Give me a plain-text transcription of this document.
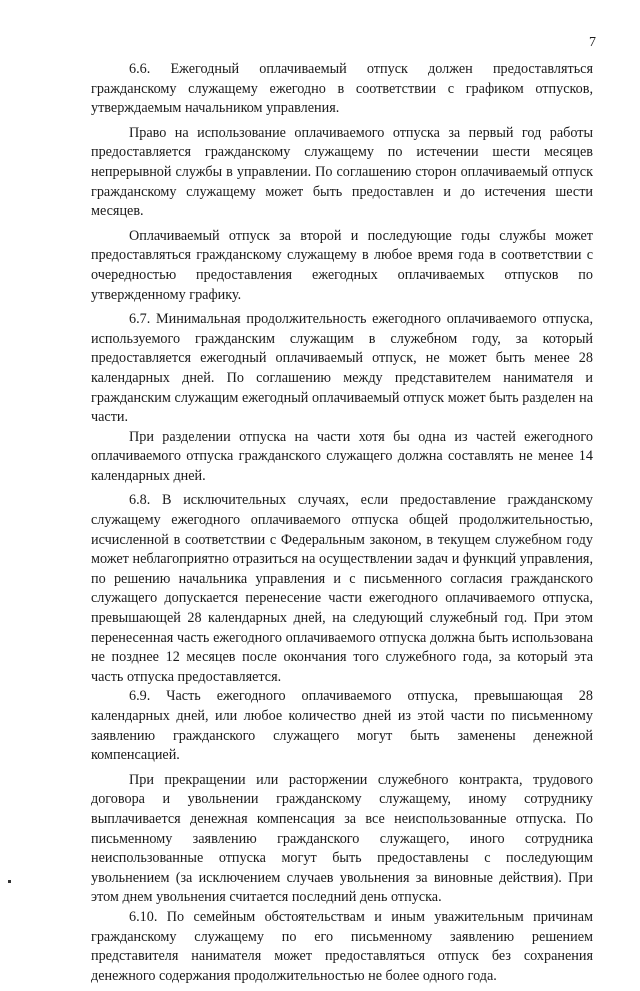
7

6.6. Ежегодный оплачиваемый отпуск должен предоставляться гражданскому служащему ежегодно в соответствии с графиком отпусков, утверждаемым начальником управления.

Право на использование оплачиваемого отпуска за первый год работы предоставляется гражданскому служащему по истечении шести месяцев непрерывной службы в управлении. По соглашению сторон оплачиваемый отпуск гражданскому служащему может быть предоставлен и до истечения шести месяцев.

Оплачиваемый отпуск за второй и последующие годы службы может предоставляться гражданскому служащему в любое время года в соответствии с очередностью предоставления ежегодных оплачиваемых отпусков по утвержденному графику.

6.7. Минимальная продолжительность ежегодного оплачиваемого отпуска, используемого гражданским служащим в служебном году, за который предоставляется ежегодный оплачиваемый отпуск, не может быть менее 28 календарных дней. По соглашению между представителем нанимателя и гражданским служащим ежегодный оплачиваемый отпуск может быть разделен на части.

При разделении отпуска на части хотя бы одна из частей ежегодного оплачиваемого отпуска гражданского служащего должна составлять не менее 14 календарных дней.

6.8. В исключительных случаях, если предоставление гражданскому служащему ежегодного оплачиваемого отпуска общей продолжительностью, исчисленной в соответствии с Федеральным законом, в текущем служебном году может неблагоприятно отразиться на осуществлении задач и функций управления, по решению начальника управления и с письменного согласия гражданского служащего допускается перенесение части ежегодного оплачиваемого отпуска, превышающей 28 календарных дней, на следующий служебный год. При этом перенесенная часть ежегодного оплачиваемого отпуска должна быть использована не позднее 12 месяцев после окончания того служебного года, за который эта часть отпуска предоставляется.

6.9. Часть ежегодного оплачиваемого отпуска, превышающая 28 календарных дней, или любое количество дней из этой части по письменному заявлению гражданского служащего могут быть заменены денежной компенсацией.

При прекращении или расторжении служебного контракта, трудового договора и увольнении гражданскому служащему, иному сотруднику выплачивается денежная компенсация за все неиспользованные отпуска. По письменному заявлению гражданского служащего, иного сотрудника неиспользованные отпуска могут быть предоставлены с последующим увольнением (за исключением случаев увольнения за виновные действия). При этом днем увольнения считается последний день отпуска.

6.10. По семейным обстоятельствам и иным уважительным причинам гражданскому служащему по его письменному заявлению решением представителя нанимателя может предоставляться отпуск без сохранения денежного содержания продолжительностью не более одного года.
